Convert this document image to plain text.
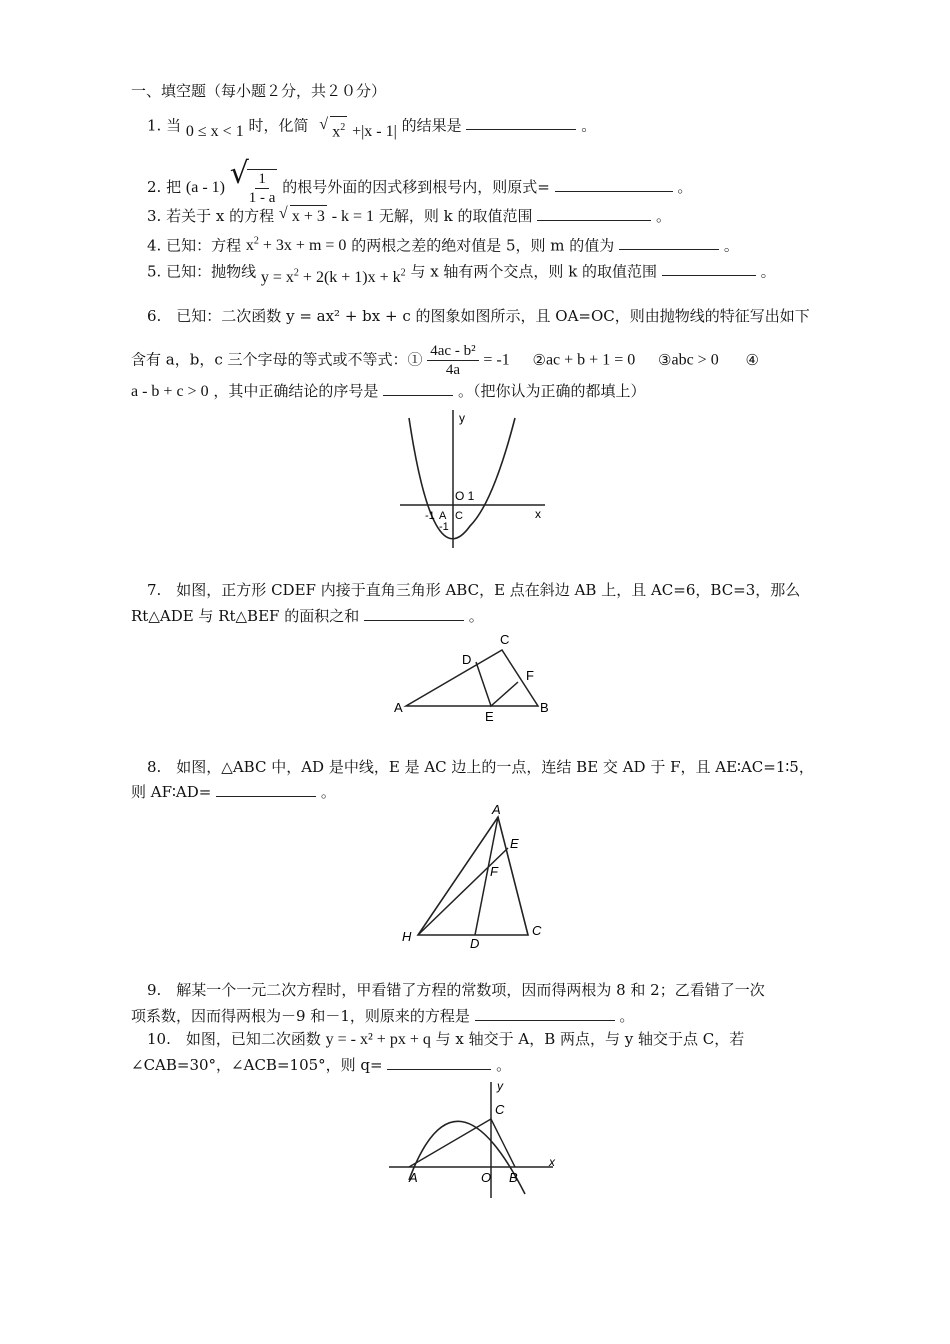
一、填空题（每小题２分，共２０分）
1. 当 0 ≤ x < 1 时，化简 √ $x^2 +|x - 1|$ 的结果是	。
2. 把 (a - 1) √ $\frac{1}{1 - a}$ 的根号外面的因式移到根号内，则原式=	。
3. 若关于 x 的方程 √ x + 3 - k = 1 无解，则 k 的取值范围	。
4. 已知：方程 $x^2 + 3x + m = 0$ 的两根之差的绝对值是 5，则 m 的值为	。
5. 已知：抛物线 $y = x^2 + 2(k + 1)x + k^2$ 与 x 轴有两个交点，则 k 的取值范围	。
6.　已知：二次函数 y = ax² + bx + c 的图象如图所示，且 OA=OC，则由抛物线的特征写出如下
含有 a，b，c 三个字母的等式或不等式：① $\frac{\text{4ac - b²}}{4a} = -1$ ②ac + b + 1 = 0 ③abc > 0 ④
a - b + c > 0 ，其中正确结论的序号是	。（把你认为正确的都填上）
y
x
O 1
-1 A C
-1
7.　如图，正方形 CDEF 内接于直角三角形 ABC，E 点在斜边 AB 上，且 AC=6，BC=3，那么
Rt△ADE 与 Rt△BEF 的面积之和	。
A	B
C
D
E
F
8.　如图，△ABC 中，AD 是中线，E 是 AC 边上的一点，连结 BE 交 AD 于 F，且 AE∶AC=1∶5，
则 AF∶AD=	。
A
H	C
D
E
F
9.　解某一个一元二次方程时，甲看错了方程的常数项，因而得两根为 8 和 2；乙看错了一次
项系数，因而得两根为－9 和－1，则原来的方程是	。
10.　如图，已知二次函数 y = - x² + px + q 与 x 轴交于 A，B 两点，与 y 轴交于点 C，若
∠CAB=30°，∠ACB=105°，则 q=	。
y
x
A	O B
C
